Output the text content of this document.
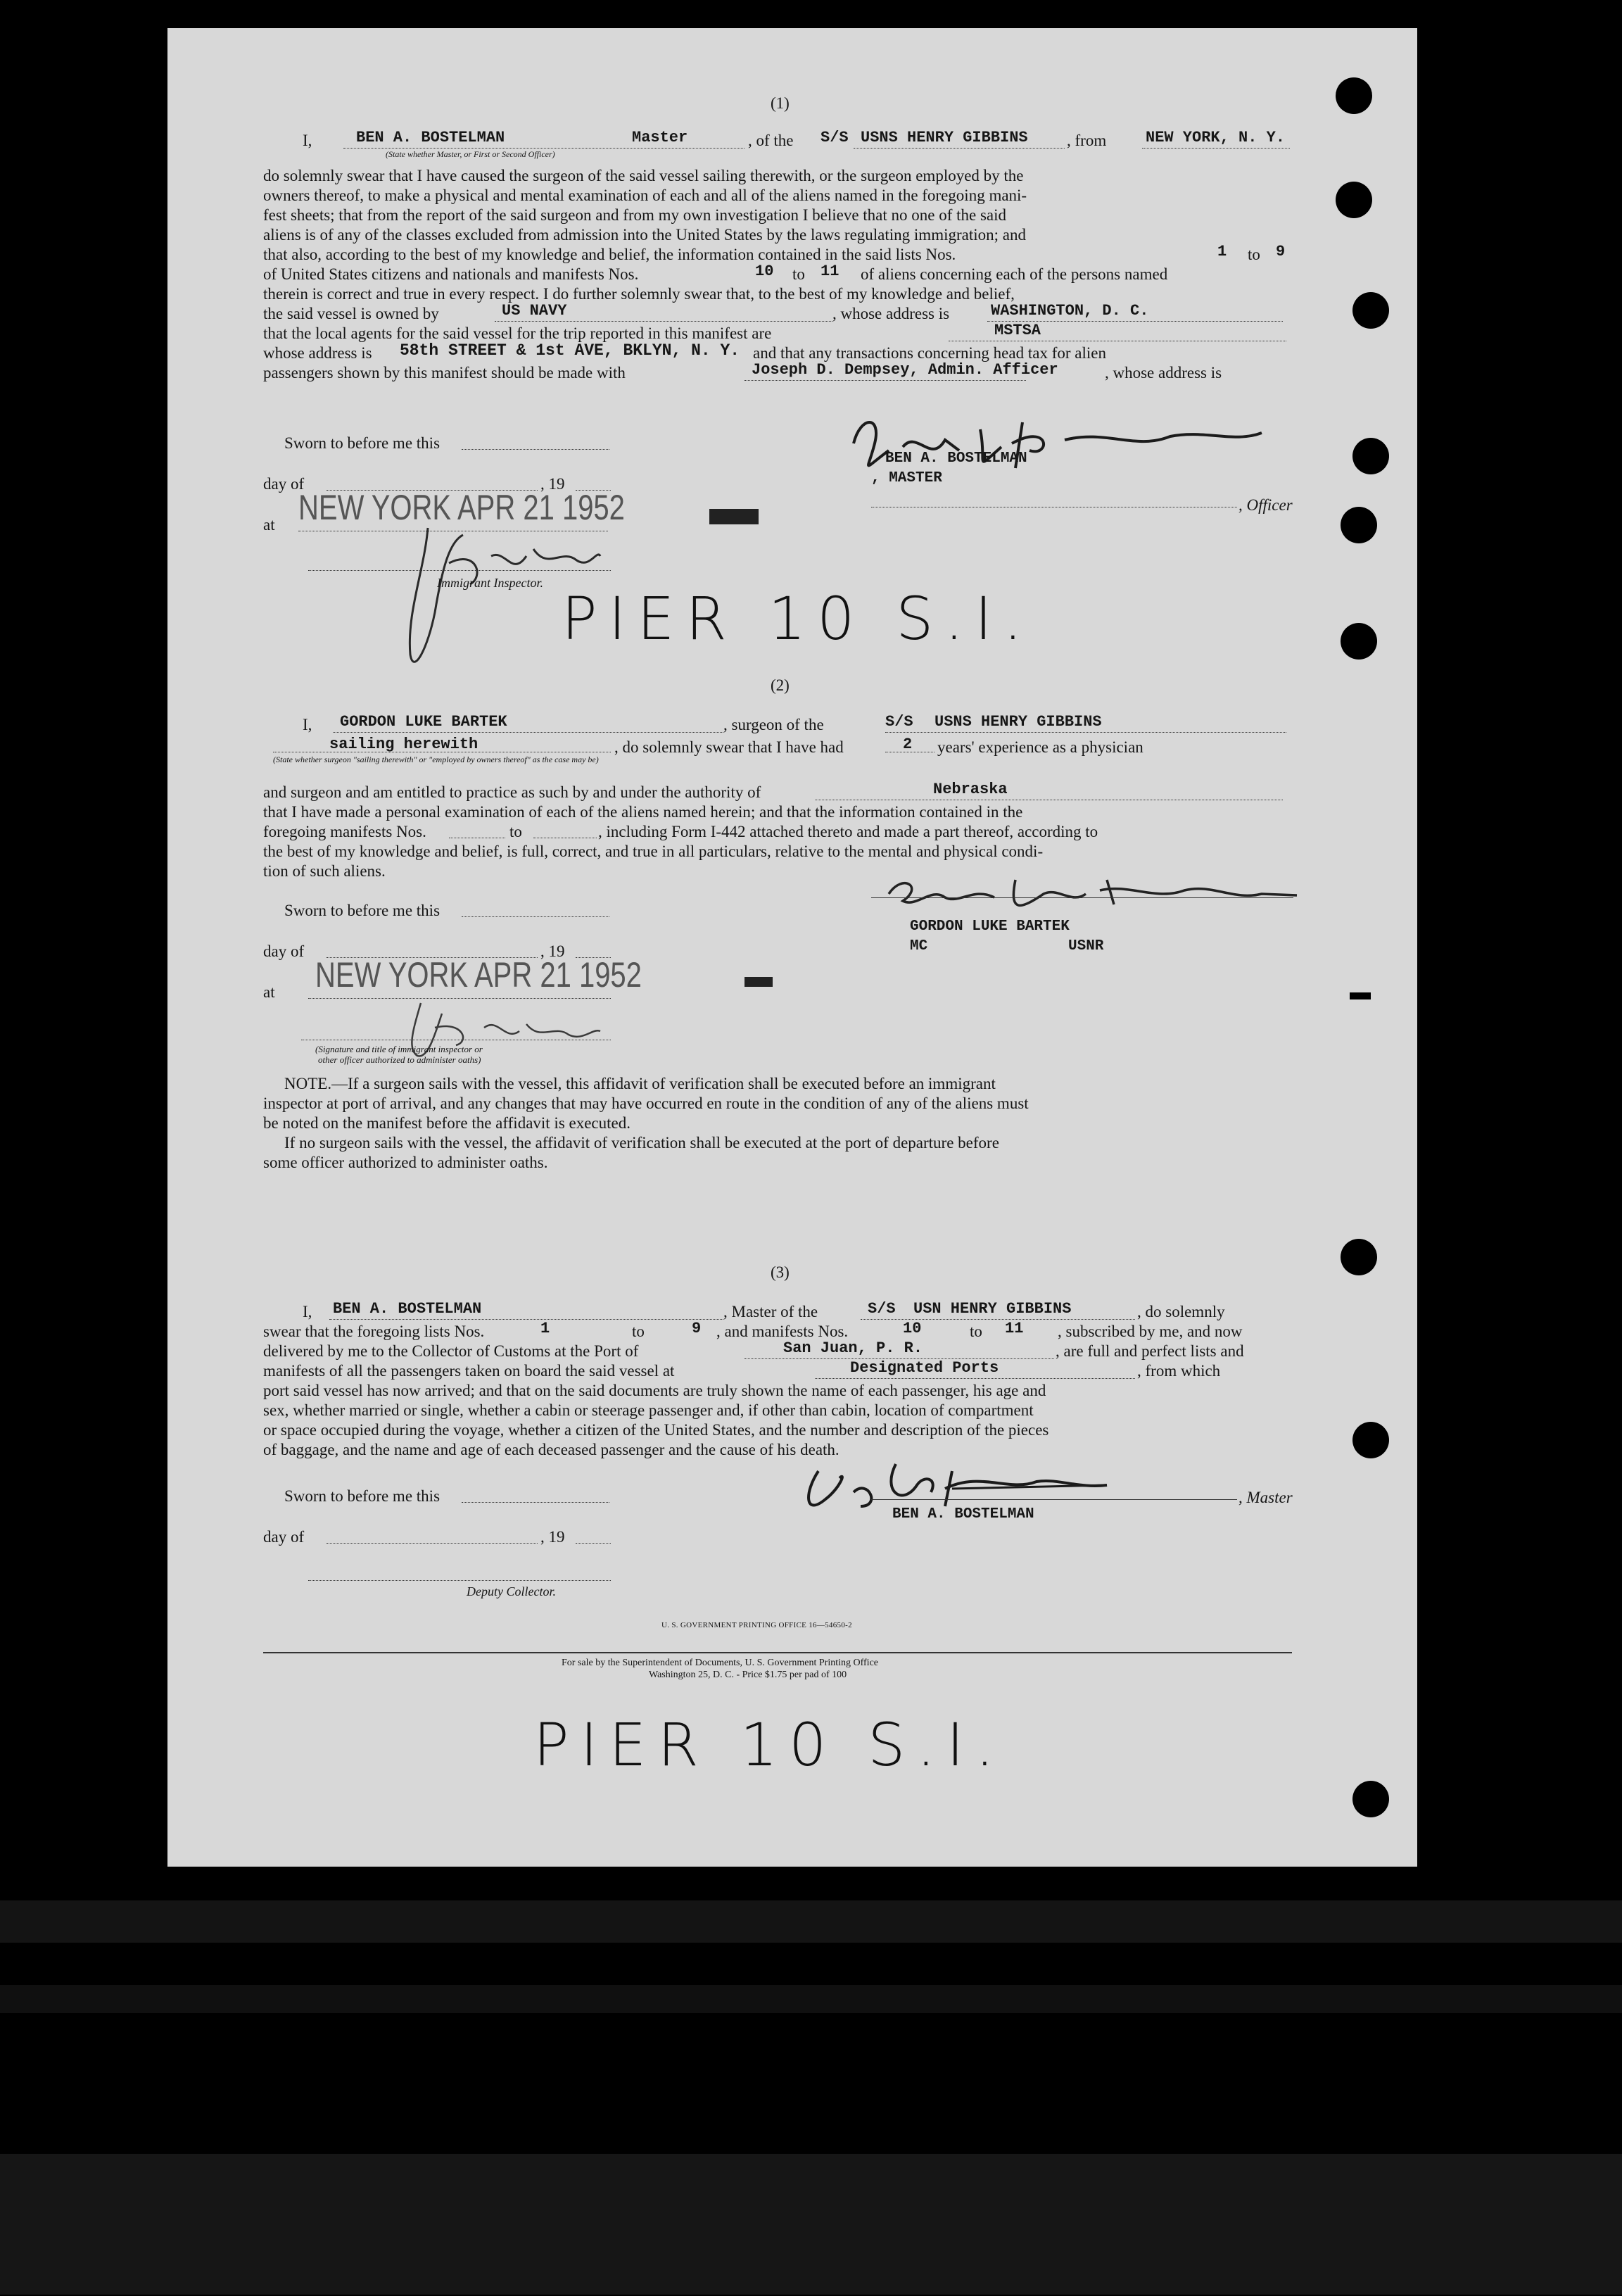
(1)
I,	BEN A. BOSTELMAN	Master	, of the S/S USNS HENRY GIBBINS , from	NEW YORK, N. Y.
(State whether Master, or First or Second Officer)
do solemnly swear that I have caused the surgeon of the said vessel sailing therewith, or the surgeon employed by the
owners thereof, to make a physical and mental examination of each and all of the aliens named in the foregoing mani-
fest sheets; that from the report of the said surgeon and from my own investigation I believe that no one of the said
aliens is of any of the classes excluded from admission into the United States by the laws regulating immigration; and
that also, according to the best of my knowledge and belief, the information contained in the said lists Nos.	1 to 9
of United States citizens and nationals and manifests Nos.	10 to 11 of aliens concerning each of the persons named
therein is correct and true in every respect. I do further solemnly swear that, to the best of my knowledge and belief,
the said vessel is owned by	US NAVY	, whose address is	WASHINGTON, D. C.
that the local agents for the said vessel for the trip reported in this manifest are	MSTSA
whose address is 58th STREET & 1st AVE, BKLYN, N. Y. and that any transactions concerning head tax for alien
passengers shown by this manifest should be made with	Joseph D. Dempsey, Admin. Afficer	, whose address is
Sworn to before me this
day of	, 19
at NEW YORK APR 21 1952
BEN A. BOSTELMAN
, MASTER
, Officer
Immigrant Inspector.
PIER 10 S.I.
(2)
I, GORDON LUKE BARTEK	, surgeon of the	S/S USNS HENRY GIBBINS
sailing herewith	, do solemnly swear that I have had	2 years' experience as a physician
(State whether surgeon "sailing therewith" or "employed by owners thereof" as the case may be)
and surgeon and am entitled to practice as such by and under the authority of	Nebraska
that I have made a personal examination of each of the aliens named herein; and that the information contained in the
foregoing manifests Nos.	to	, including Form I-442 attached thereto and made a part thereof, according to
the best of my knowledge and belief, is full, correct, and true in all particulars, relative to the mental and physical condi-
tion of such aliens.
Sworn to before me this
day of	, 19
at NEW YORK APR 21 1952
GORDON LUKE BARTEK
MC	USNR
(Signature and title of immigrant inspector or
other officer authorized to administer oaths)
NOTE.—If a surgeon sails with the vessel, this affidavit of verification shall be executed before an immigrant
inspector at port of arrival, and any changes that may have occurred en route in the condition of any of the aliens must
be noted on the manifest before the affidavit is executed.
If no surgeon sails with the vessel, the affidavit of verification shall be executed at the port of departure before
some officer authorized to administer oaths.
(3)
I, BEN A. BOSTELMAN	, Master of the	S/S USN HENRY GIBBINS	, do solemnly
swear that the foregoing lists Nos.	1	to	9 , and manifests Nos.	10	to 11 , subscribed by me, and now
delivered by me to the Collector of Customs at the Port of	San Juan, P. R.	, are full and perfect lists and
manifests of all the passengers taken on board the said vessel at	Designated Ports	, from which
port said vessel has now arrived; and that on the said documents are truly shown the name of each passenger, his age and
sex, whether married or single, whether a cabin or steerage passenger and, if other than cabin, location of compartment
or space occupied during the voyage, whether a citizen of the United States, and the number and description of the pieces
of baggage, and the name and age of each deceased passenger and the cause of his death.
Sworn to before me this	, Master
BEN A. BOSTELMAN
day of	, 19
Deputy Collector.
U. S. GOVERNMENT PRINTING OFFICE 16—54650-2
For sale by the Superintendent of Documents, U. S. Government Printing Office
Washington 25, D. C. - Price $1.75 per pad of 100
PIER 10 S.I.
